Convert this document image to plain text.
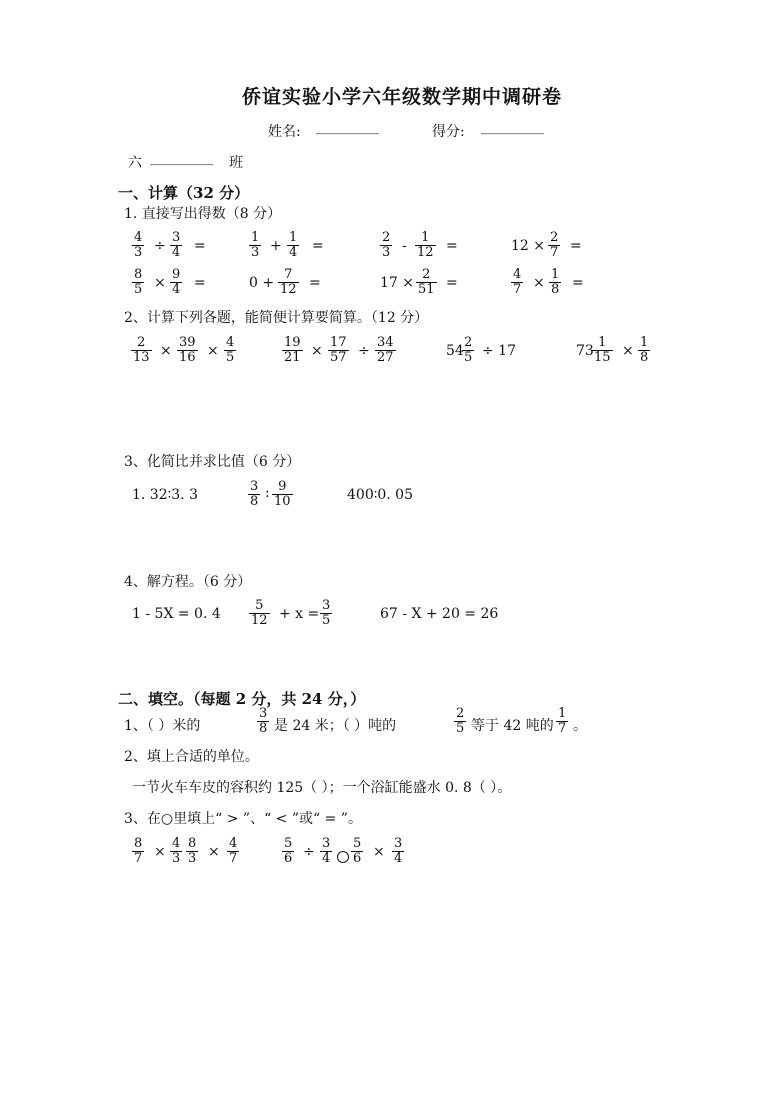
侨谊实验小学六年级数学期中调研卷
姓名: _________	得分: _________
六 _________ 班
一、计算（32 分）
1. 直接写出得数（8 分）
$\frac{4}{3} \div \frac{3}{4}$ =	$\frac{1}{3} + \frac{1}{4}$ =	$\frac{2}{3} - \frac{1}{12}$ =	$12 \times \frac{2}{7}$ =
$\frac{8}{5} \times \frac{9}{4}$ =	$0 + \frac{7}{12}$ =	$17 \times \frac{2}{51}$ =	$\frac{4}{7} \times \frac{1}{8}$ =
2、计算下列各题，能简便计算要简算。（12 分）
$\frac{2}{13} \times \frac{39}{16} \times \frac{4}{5}$	$\frac{19}{21} \times \frac{17}{57} \div \frac{34}{27}$	54
$\frac{2}{5} \div 17$	73
$\frac{1}{15} \times \frac{1}{8}$
3、化简比并求比值（6 分）
1. 32∶3. 3	$\frac{3}{8}$ : $\frac{9}{10}$	400∶0. 05
4、解方程。（6 分）
1 - 5X = 0. $4 \frac{5}{12} + x = \frac{3}{5}$	67 - X + 20 = 26
二、填空。（每题 2 分，共 24 分，）
1、（ ）米的	$\frac{3}{8}$ 是 24 米；（ ）吨的	$\frac{2}{5}$ 等于 42 吨的 $\frac{1}{7}$ 。
2、填上合适的单位。
一节火车车皮的容积约 125（ ）；一个浴缸能盛水 0. 8（ ）。
3、在○里填上“ > ”、“ < ”或“ = ”。
$\frac{8}{7} \times \frac{4}{3} \frac{8}{3} \times \frac{4}{7}$	$\frac{5}{6} \div \frac{3}{4} \frac{5}{6} \times \frac{3}{4}$
